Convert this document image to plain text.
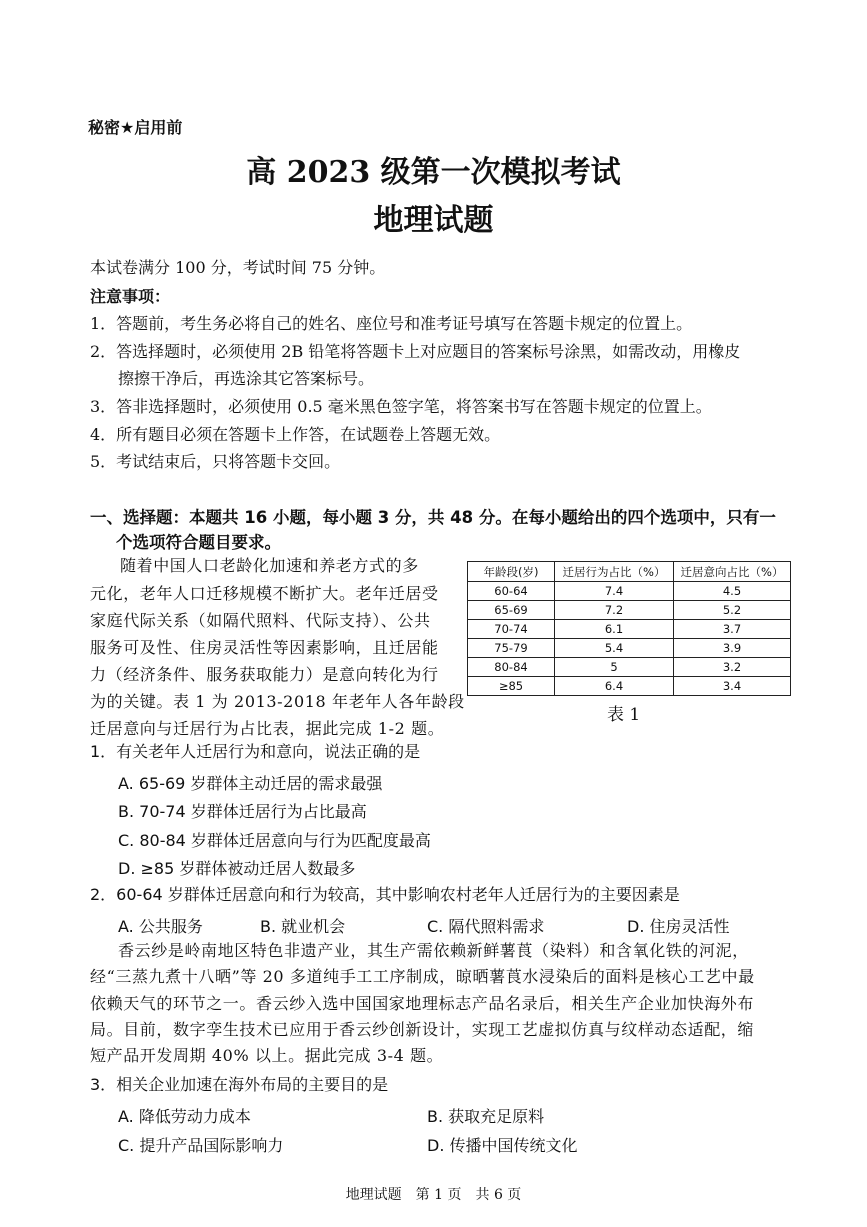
秘密★启用前
高 2023 级第一次模拟考试
地理试题
本试卷满分 100 分，考试时间 75 分钟。
注意事项：
1．答题前，考生务必将自己的姓名、座位号和准考证号填写在答题卡规定的位置上。
2．答选择题时，必须使用 2B 铅笔将答题卡上对应题目的答案标号涂黑，如需改动，用橡皮
擦擦干净后，再选涂其它答案标号。
3．答非选择题时，必须使用 0.5 毫米黑色签字笔，将答案书写在答题卡规定的位置上。
4．所有题目必须在答题卡上作答，在试题卷上答题无效。
5．考试结束后，只将答题卡交回。
一、选择题：本题共 16 小题，每小题 3 分，共 48 分。在每小题给出的四个选项中，只有一
个选项符合题目要求。
随着中国人口老龄化加速和养老方式的多
元化，老年人口迁移规模不断扩大。老年迁居受
家庭代际关系（如隔代照料、代际支持）、公共
服务可及性、住房灵活性等因素影响，且迁居能
力（经济条件、服务获取能力）是意向转化为行
为的关键。表 1 为 2013-2018 年老年人各年龄段
迁居意向与迁居行为占比表，据此完成 1-2 题。
年龄段(岁)	迁居行为占比（%）	迁居意向占比（%）
60-64	7.4	4.5
65-69	7.2	5.2
70-74	6.1	3.7
75-79	5.4	3.9
80-84	5	3.2
≥85	6.4	3.4
表 1
1．有关老年人迁居行为和意向，说法正确的是
A. 65-69 岁群体主动迁居的需求最强
B. 70-74 岁群体迁居行为占比最高
C. 80-84 岁群体迁居意向与行为匹配度最高
D. ≥85 岁群体被动迁居人数最多
2．60-64 岁群体迁居意向和行为较高，其中影响农村老年人迁居行为的主要因素是
A. 公共服务	B. 就业机会	C. 隔代照料需求	D. 住房灵活性
香云纱是岭南地区特色非遗产业，其生产需依赖新鲜薯莨（染料）和含氧化铁的河泥，
经“三蒸九煮十八晒”等 20 多道纯手工工序制成，晾晒薯莨水浸染后的面料是核心工艺中最
依赖天气的环节之一。香云纱入选中国国家地理标志产品名录后，相关生产企业加快海外布
局。目前，数字孪生技术已应用于香云纱创新设计，实现工艺虚拟仿真与纹样动态适配，缩
短产品开发周期 40% 以上。据此完成 3-4 题。
3．相关企业加速在海外布局的主要目的是
A. 降低劳动力成本	B. 获取充足原料
C. 提升产品国际影响力	D. 传播中国传统文化
地理试题　第 1 页　共 6 页
